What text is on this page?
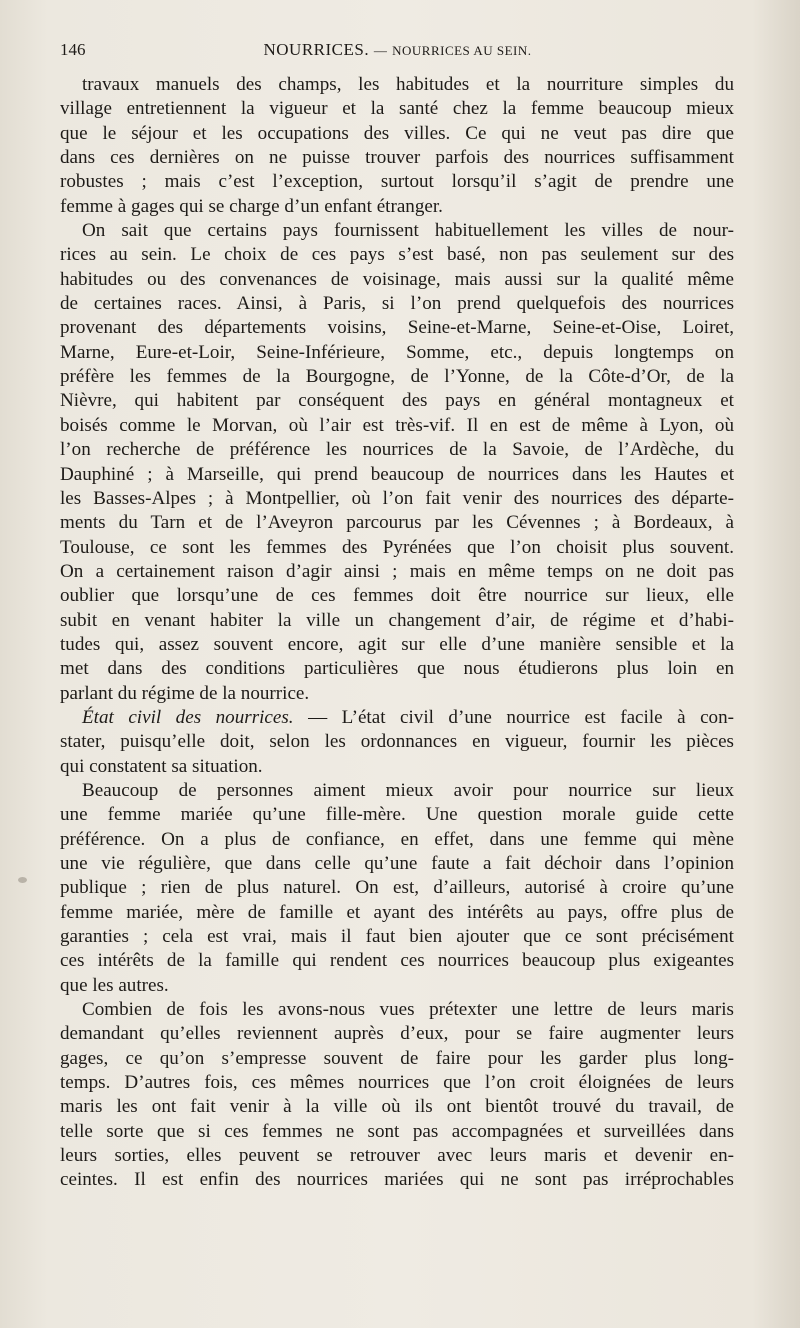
146	NOURRICES. — NOURRICES AU SEIN.
travaux manuels des champs, les habitudes et la nourriture simples du
village entretiennent la vigueur et la santé chez la femme beaucoup mieux
que le séjour et les occupations des villes. Ce qui ne veut pas dire que
dans ces dernières on ne puisse trouver parfois des nourrices suffisamment
robustes ; mais c’est l’exception, surtout lorsqu’il s’agit de prendre une
femme à gages qui se charge d’un enfant étranger.
On sait que certains pays fournissent habituellement les villes de nour-
rices au sein. Le choix de ces pays s’est basé, non pas seulement sur des
habitudes ou des convenances de voisinage, mais aussi sur la qualité même
de certaines races. Ainsi, à Paris, si l’on prend quelquefois des nourrices
provenant des départements voisins, Seine-et-Marne, Seine-et-Oise, Loiret,
Marne, Eure-et-Loir, Seine-Inférieure, Somme, etc., depuis longtemps on
préfère les femmes de la Bourgogne, de l’Yonne, de la Côte-d’Or, de la
Nièvre, qui habitent par conséquent des pays en général montagneux et
boisés comme le Morvan, où l’air est très-vif. Il en est de même à Lyon, où
l’on recherche de préférence les nourrices de la Savoie, de l’Ardèche, du
Dauphiné ; à Marseille, qui prend beaucoup de nourrices dans les Hautes et
les Basses-Alpes ; à Montpellier, où l’on fait venir des nourrices des départe-
ments du Tarn et de l’Aveyron parcourus par les Cévennes ; à Bordeaux, à
Toulouse, ce sont les femmes des Pyrénées que l’on choisit plus souvent.
On a certainement raison d’agir ainsi ; mais en même temps on ne doit pas
oublier que lorsqu’une de ces femmes doit être nourrice sur lieux, elle
subit en venant habiter la ville un changement d’air, de régime et d’habi-
tudes qui, assez souvent encore, agit sur elle d’une manière sensible et la
met dans des conditions particulières que nous étudierons plus loin en
parlant du régime de la nourrice.
État civil des nourrices. — L’état civil d’une nourrice est facile à con-
stater, puisqu’elle doit, selon les ordonnances en vigueur, fournir les pièces
qui constatent sa situation.
Beaucoup de personnes aiment mieux avoir pour nourrice sur lieux
une femme mariée qu’une fille-mère. Une question morale guide cette
préférence. On a plus de confiance, en effet, dans une femme qui mène
une vie régulière, que dans celle qu’une faute a fait déchoir dans l’opinion
publique ; rien de plus naturel. On est, d’ailleurs, autorisé à croire qu’une
femme mariée, mère de famille et ayant des intérêts au pays, offre plus de
garanties ; cela est vrai, mais il faut bien ajouter que ce sont précisément
ces intérêts de la famille qui rendent ces nourrices beaucoup plus exigeantes
que les autres.
Combien de fois les avons-nous vues prétexter une lettre de leurs maris
demandant qu’elles reviennent auprès d’eux, pour se faire augmenter leurs
gages, ce qu’on s’empresse souvent de faire pour les garder plus long-
temps. D’autres fois, ces mêmes nourrices que l’on croit éloignées de leurs
maris les ont fait venir à la ville où ils ont bientôt trouvé du travail, de
telle sorte que si ces femmes ne sont pas accompagnées et surveillées dans
leurs sorties, elles peuvent se retrouver avec leurs maris et devenir en-
ceintes. Il est enfin des nourrices mariées qui ne sont pas irréprochables
